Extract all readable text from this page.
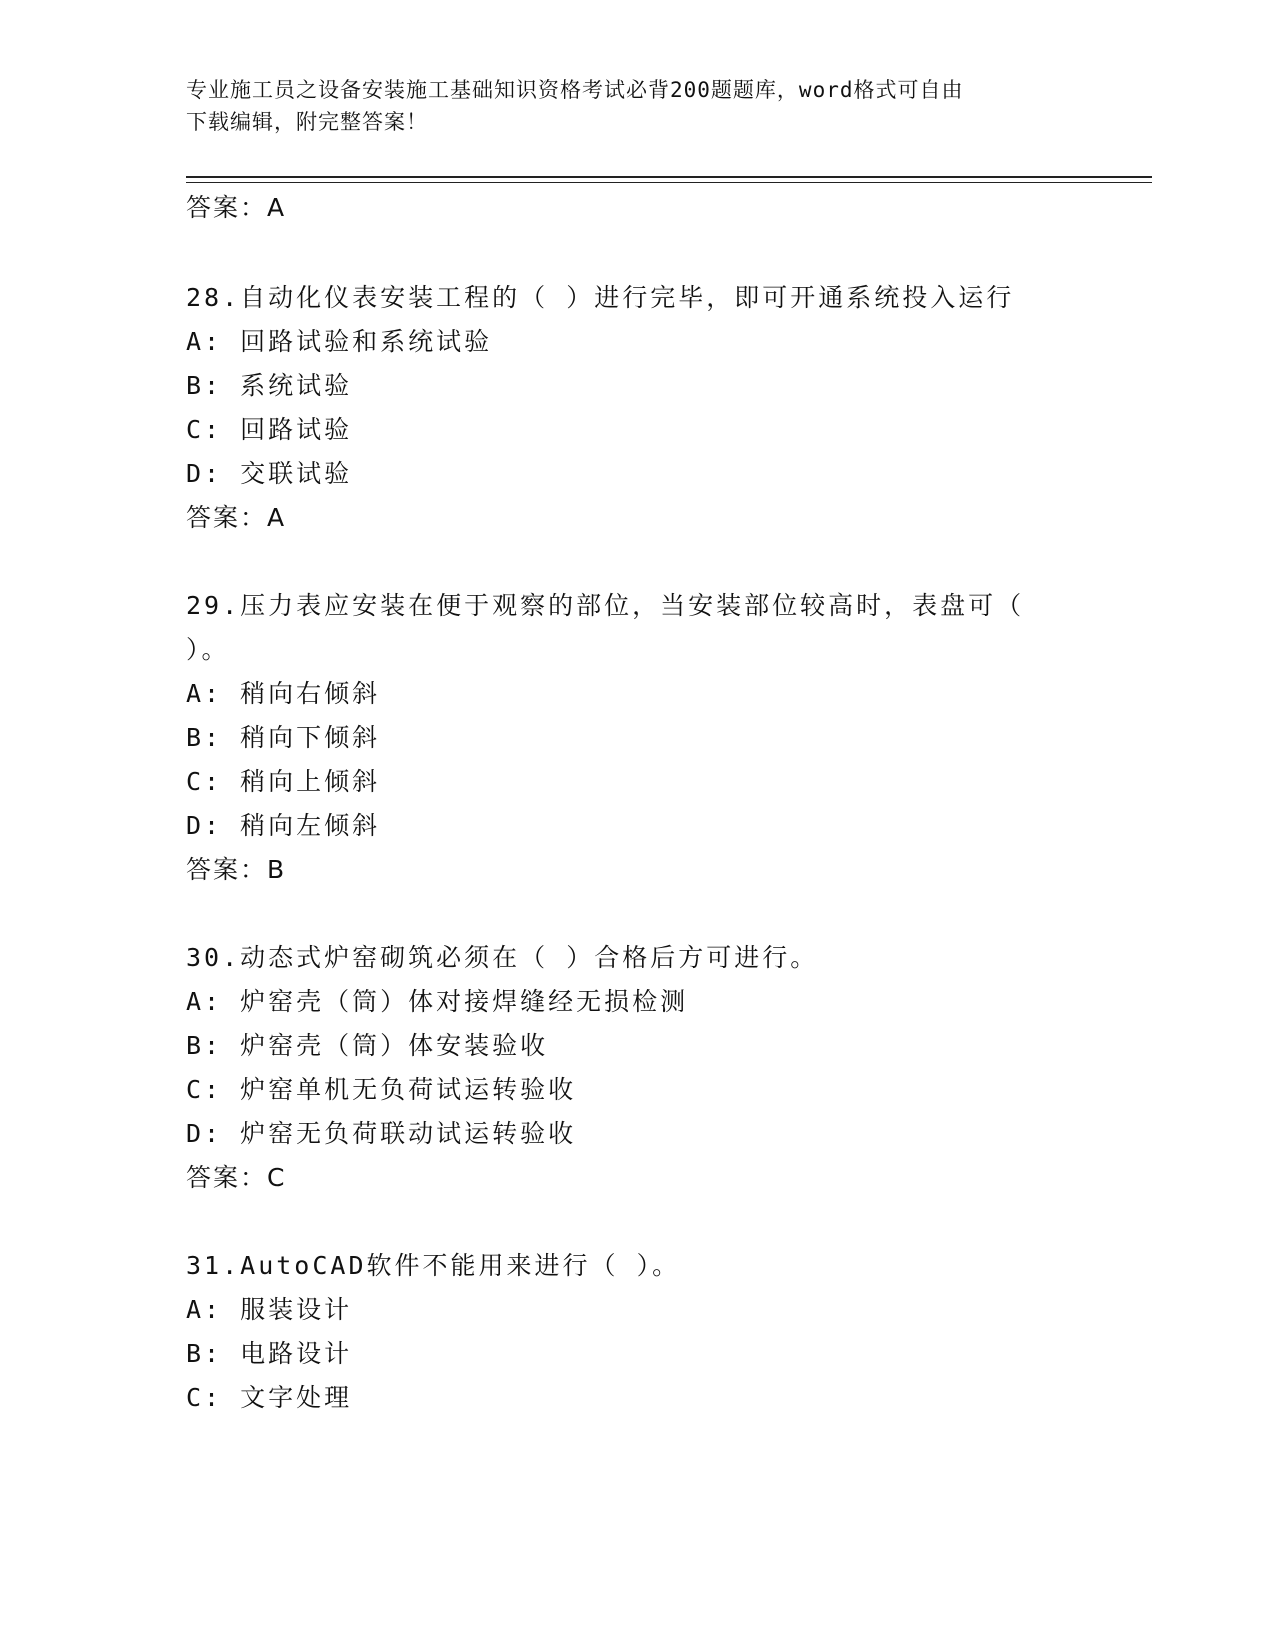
专业施工员之设备安装施工基础知识资格考试必背200题题库，word格式可自由
下载编辑，附完整答案！
答案：A
28.自动化仪表安装工程的（ ）进行完毕，即可开通系统投入运行
A: 回路试验和系统试验
B: 系统试验
C: 回路试验
D: 交联试验
答案：A
29.压力表应安装在便于观察的部位，当安装部位较高时，表盘可（
）。
A: 稍向右倾斜
B: 稍向下倾斜
C: 稍向上倾斜
D: 稍向左倾斜
答案：B
30.动态式炉窑砌筑必须在（ ）合格后方可进行。
A: 炉窑壳（筒）体对接焊缝经无损检测
B: 炉窑壳（筒）体安装验收
C: 炉窑单机无负荷试运转验收
D: 炉窑无负荷联动试运转验收
答案：C
31.AutoCAD软件不能用来进行（ ）。
A: 服装设计
B: 电路设计
C: 文字处理
